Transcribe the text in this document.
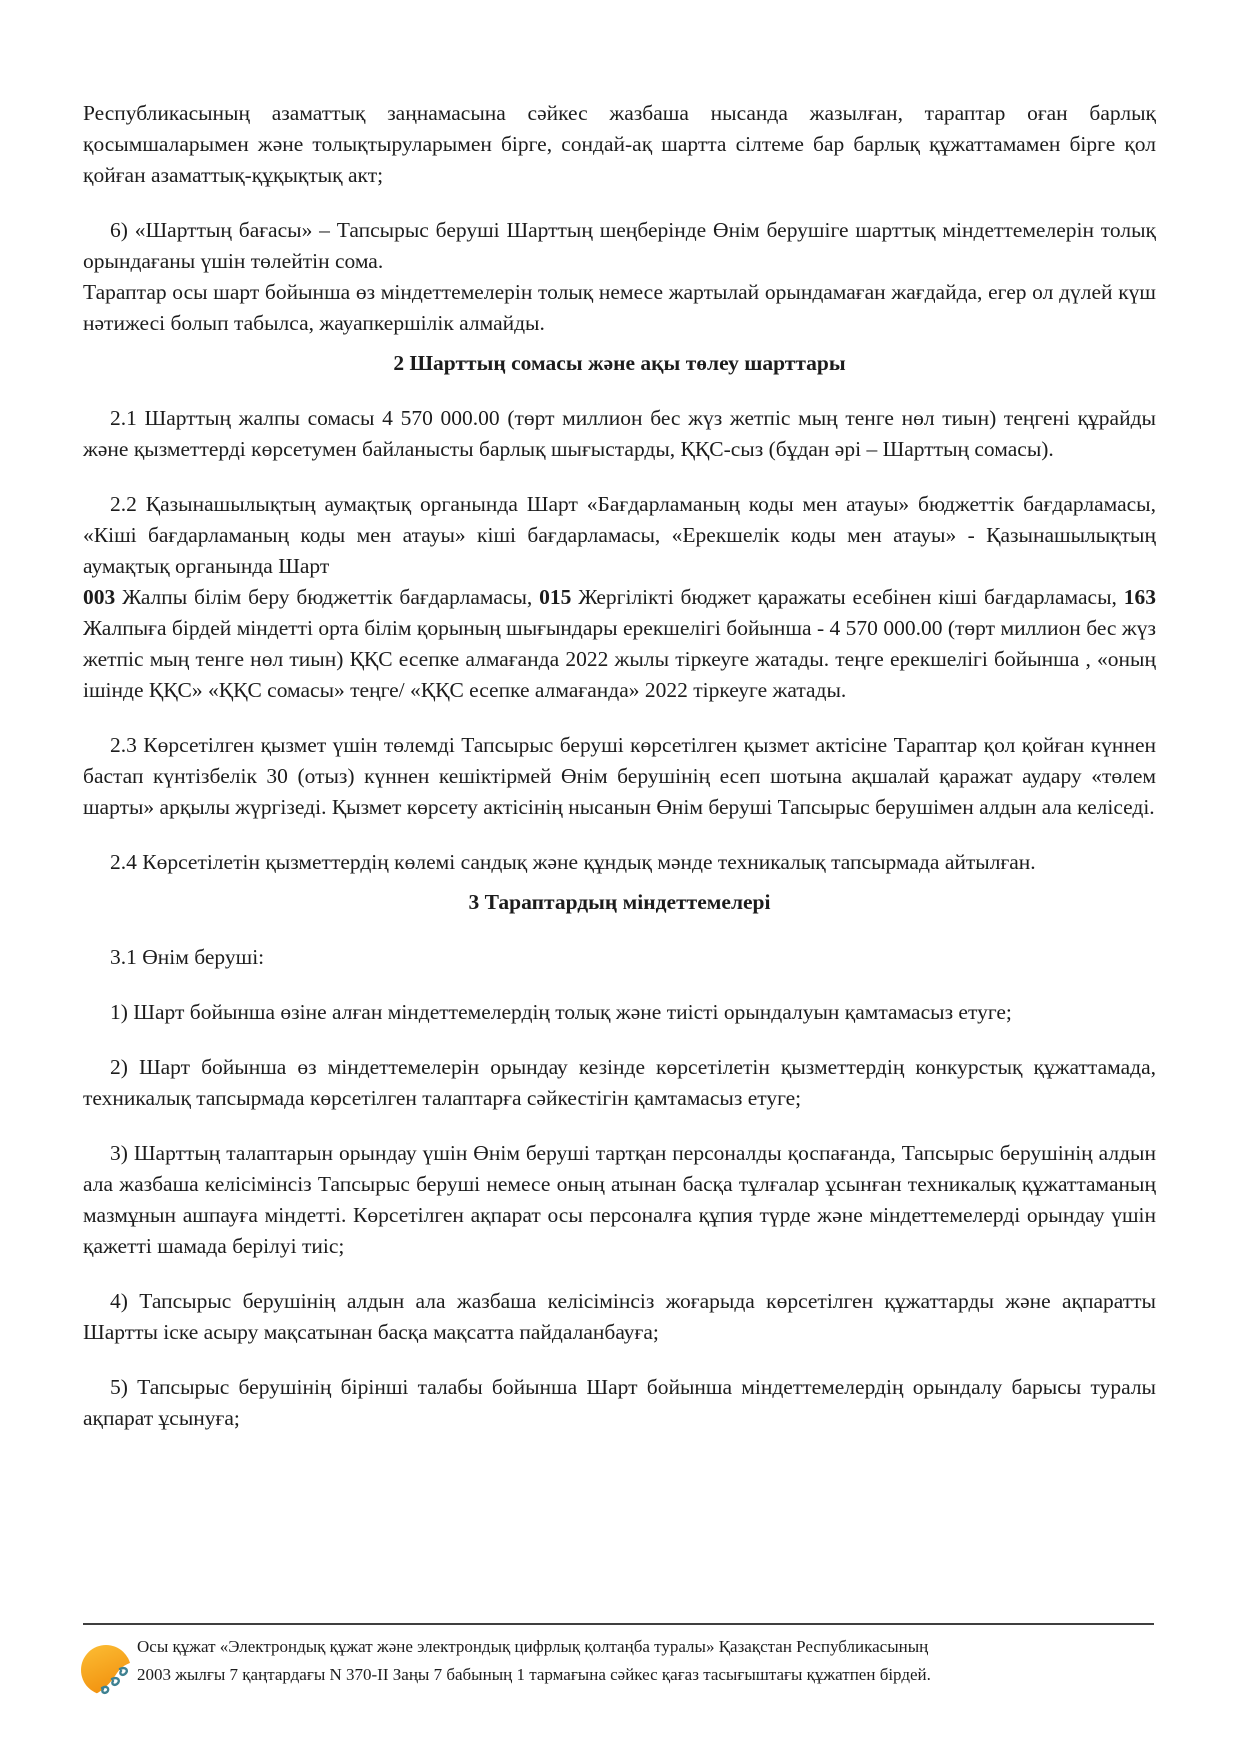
Республикасының азаматтық заңнамасына сәйкес жазбаша нысанда жазылған, тараптар оған барлық қосымшаларымен және толықтыруларымен бірге, сондай-ақ шартта сілтеме бар барлық құжаттамамен бірге қол қойған азаматтық-құқықтық акт;

6) «Шарттың бағасы» – Тапсырыс беруші Шарттың шеңберінде Өнім берушіге шарттық міндеттемелерін толық орындағаны үшін төлейтін сома.

Тараптар осы шарт бойынша өз міндеттемелерін толық немесе жартылай орындамаған жағдайда, егер ол дүлей күш нәтижесі болып табылса, жауапкершілік алмайды.

2 Шарттың сомасы және ақы төлеу шарттары

2.1 Шарттың жалпы сомасы 4 570 000.00 (төрт миллион бес жүз жетпіс мың тенге нөл тиын) теңгені құрайды және қызметтерді көрсетумен байланысты барлық шығыстарды, ҚҚС-сыз (бұдан әрі – Шарттың сомасы).

2.2 Қазынашылықтың аумақтық органында Шарт «Бағдарламаның коды мен атауы» бюджеттік бағдарламасы, «Кіші бағдарламаның коды мен атауы» кіші бағдарламасы, «Ерекшелік коды мен атауы» - Қазынашылықтың аумақтық органында Шарт
003 Жалпы білім беру бюджеттік бағдарламасы, 015 Жергілікті бюджет қаражаты есебінен кіші бағдарламасы, 163 Жалпыға бірдей міндетті орта білім қорының шығындары ерекшелігі бойынша - 4 570 000.00 (төрт миллион бес жүз жетпіс мың тенге нөл тиын) ҚҚС есепке алмағанда 2022 жылы тіркеуге жатады. теңге ерекшелігі бойынша , «оның ішінде ҚҚС» «ҚҚС сомасы» теңге/ «ҚҚС есепке алмағанда» 2022 тіркеуге жатады.

2.3 Көрсетілген қызмет үшін төлемді Тапсырыс беруші көрсетілген қызмет актісіне Тараптар қол қойған күннен бастап күнтізбелік 30 (отыз) күннен кешіктірмей Өнім берушінің есеп шотына ақшалай қаражат аудару «төлем шарты» арқылы жүргізеді. Қызмет көрсету актісінің нысанын Өнім беруші Тапсырыс берушімен алдын ала келіседі.

2.4 Көрсетілетін қызметтердің көлемі сандық және құндық мәнде техникалық тапсырмада айтылған.

3 Тараптардың міндеттемелері

3.1 Өнім беруші:

1) Шарт бойынша өзіне алған міндеттемелердің толық және тиісті орындалуын қамтамасыз етуге;

2) Шарт бойынша өз міндеттемелерін орындау кезінде көрсетілетін қызметтердің конкурстық құжаттамада, техникалық тапсырмада көрсетілген талаптарға сәйкестігін қамтамасыз етуге;

3) Шарттың талаптарын орындау үшін Өнім беруші тартқан персоналды қоспағанда, Тапсырыс берушінің алдын ала жазбаша келісімінсіз Тапсырыс беруші немесе оның атынан басқа тұлғалар ұсынған техникалық құжаттаманың мазмұнын ашпауға міндетті. Көрсетілген ақпарат осы персоналға құпия түрде және міндеттемелерді орындау үшін қажетті шамада берілуі тиіс;

4) Тапсырыс берушінің алдын ала жазбаша келісімінсіз жоғарыда көрсетілген құжаттарды және ақпаратты Шартты іске асыру мақсатынан басқа мақсатта пайдаланбауға;

5) Тапсырыс берушінің бірінші талабы бойынша Шарт бойынша міндеттемелердің орындалу барысы туралы ақпарат ұсынуға;

Осы құжат «Электрондық құжат және электрондық цифрлық қолтаңба туралы» Қазақстан Республикасының 2003 жылғы 7 қаңтардағы N 370-II Заңы 7 бабының 1 тармағына сәйкес қағаз тасығыштағы құжатпен бірдей.
